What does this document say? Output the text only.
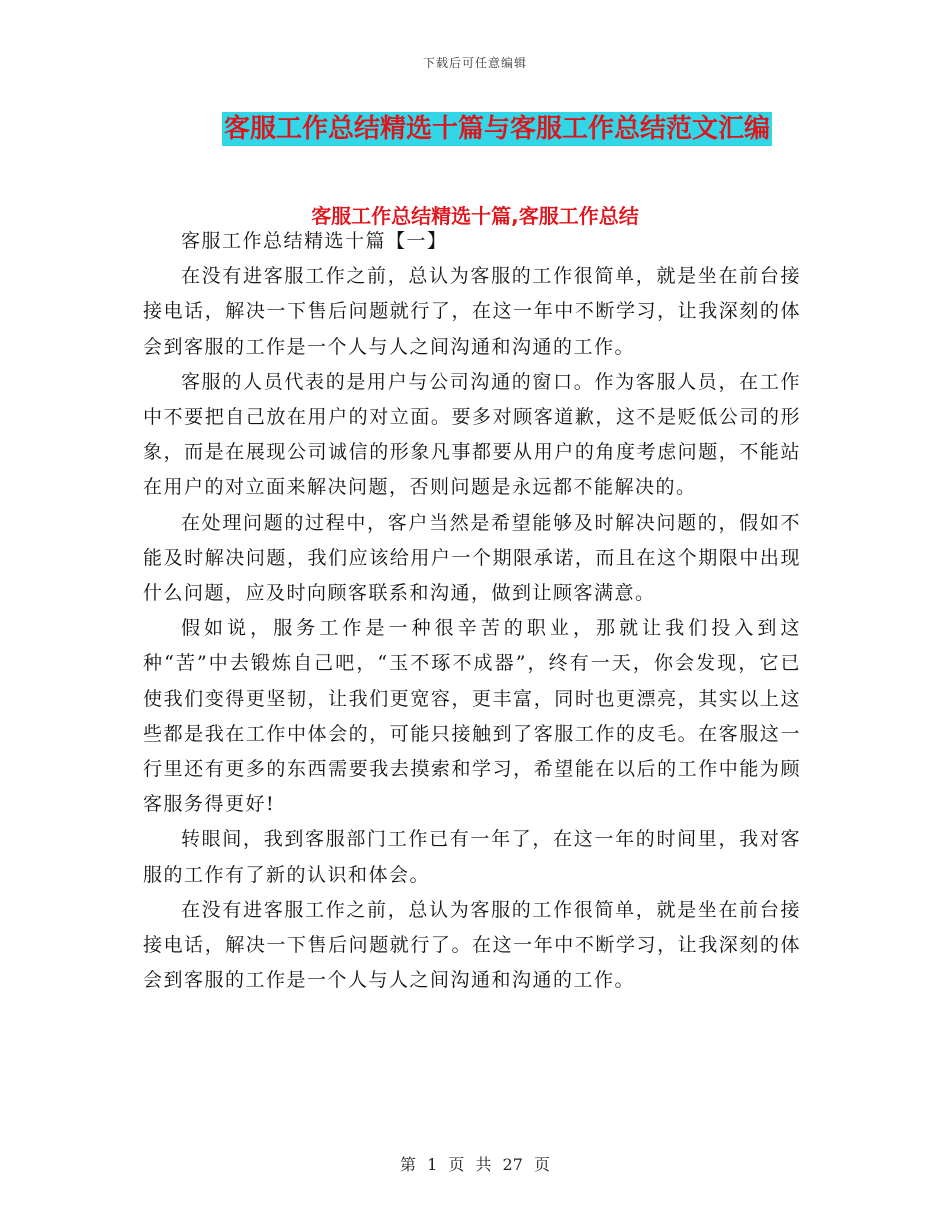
下载后可任意编辑
客服工作总结精选十篇与客服工作总结范文汇编
客服工作总结精选十篇,客服工作总结

客服工作总结精选十篇【一】

在没有进客服工作之前，总认为客服的工作很简单，就是坐在前台接接电话，解决一下售后问题就行了，在这一年中不断学习，让我深刻的体会到客服的工作是一个人与人之间沟通和沟通的工作。

客服的人员代表的是用户与公司沟通的窗口。作为客服人员，在工作中不要把自己放在用户的对立面。要多对顾客道歉，这不是贬低公司的形象，而是在展现公司诚信的形象凡事都要从用户的角度考虑问题，不能站在用户的对立面来解决问题，否则问题是永远都不能解决的。

在处理问题的过程中，客户当然是希望能够及时解决问题的，假如不能及时解决问题，我们应该给用户一个期限承诺，而且在这个期限中出现什么问题，应及时向顾客联系和沟通，做到让顾客满意。

假如说，服务工作是一种很辛苦的职业，那就让我们投入到这种“苦”中去锻炼自己吧，“玉不琢不成器”，终有一天，你会发现，它已使我们变得更坚韧，让我们更宽容，更丰富，同时也更漂亮，其实以上这些都是我在工作中体会的，可能只接触到了客服工作的皮毛。在客服这一行里还有更多的东西需要我去摸索和学习，希望能在以后的工作中能为顾客服务得更好!

转眼间，我到客服部门工作已有一年了，在这一年的时间里，我对客服的工作有了新的认识和体会。

在没有进客服工作之前，总认为客服的工作很简单，就是坐在前台接接电话，解决一下售后问题就行了。在这一年中不断学习，让我深刻的体会到客服的工作是一个人与人之间沟通和沟通的工作。

第 1 页 共 27 页
